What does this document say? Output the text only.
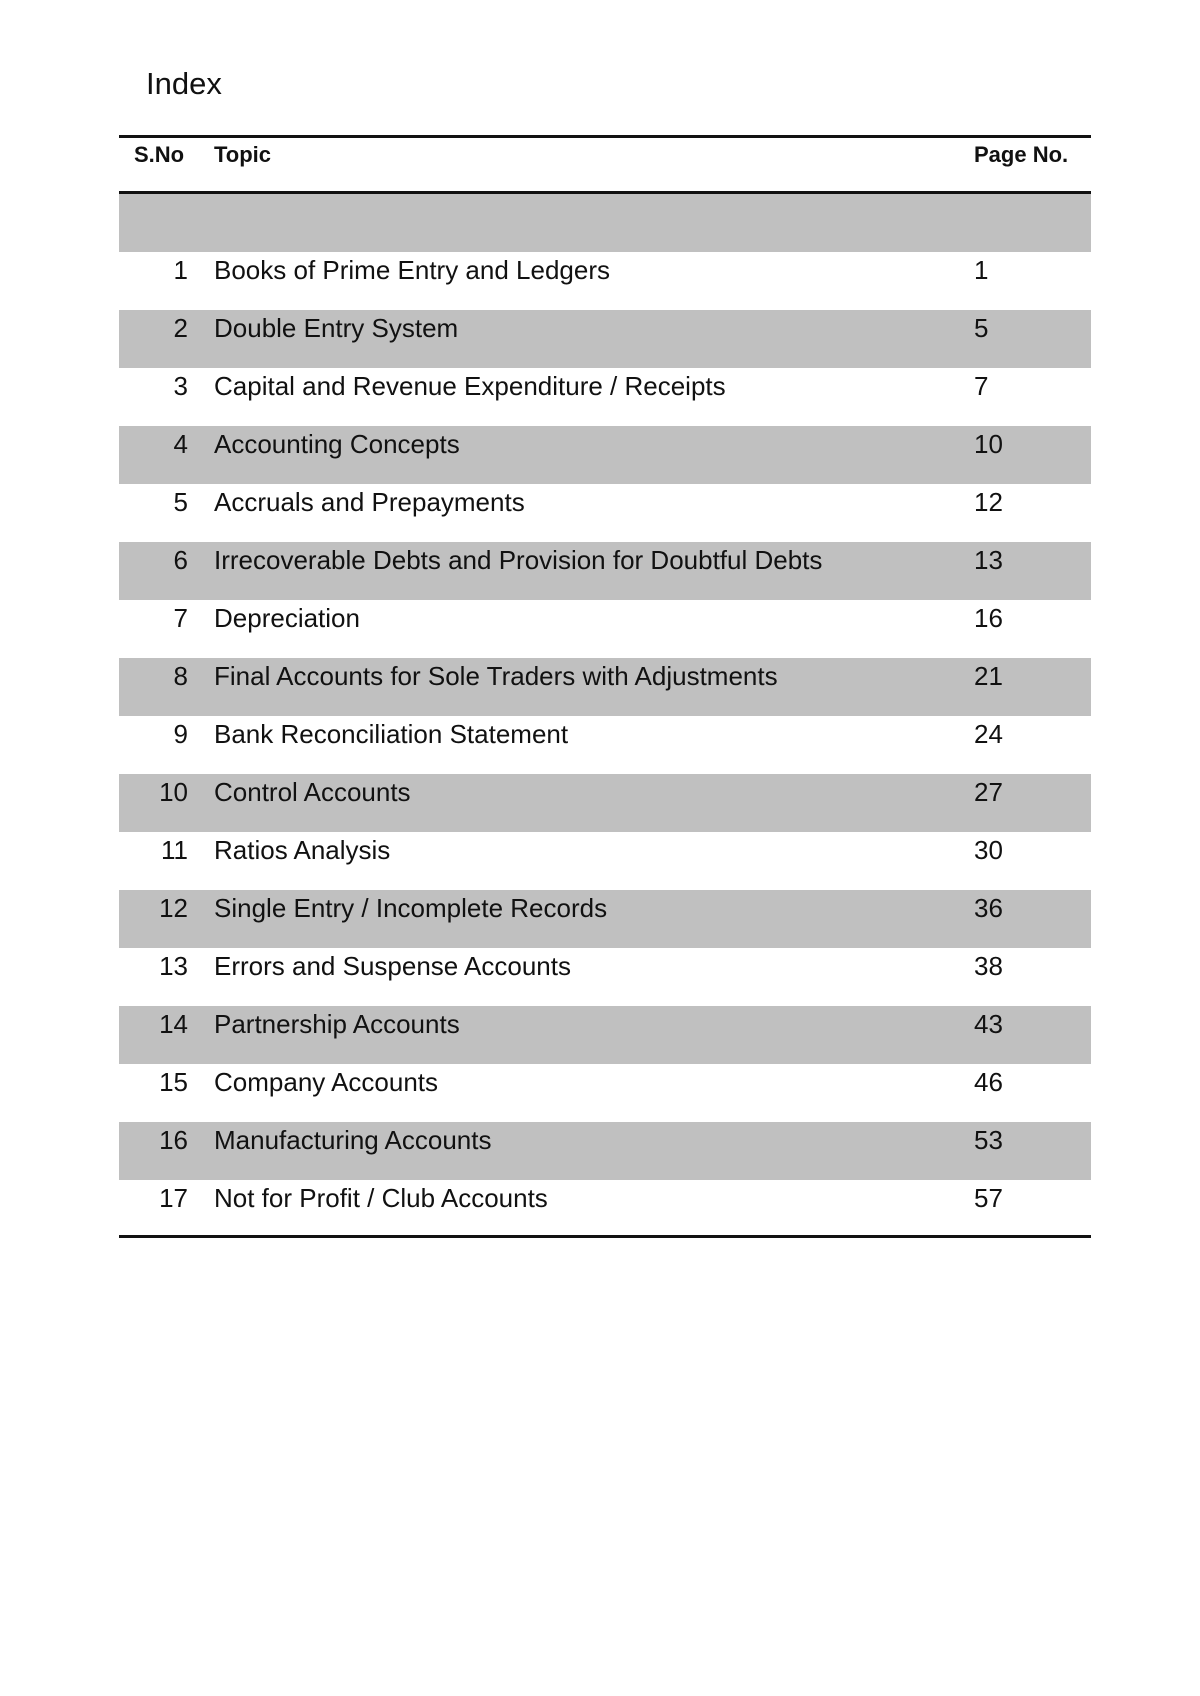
Index
S.No Topic	Page No.
1 Books of Prime Entry and Ledgers	1
2 Double Entry System	5
3 Capital and Revenue Expenditure / Receipts	7
4 Accounting Concepts	10
5 Accruals and Prepayments	12
6 Irrecoverable Debts and Provision for Doubtful Debts	13
7 Depreciation	16
8 Final Accounts for Sole Traders with Adjustments	21
9 Bank Reconciliation Statement	24
10 Control Accounts	27
11 Ratios Analysis	30
12 Single Entry / Incomplete Records	36
13 Errors and Suspense Accounts	38
14 Partnership Accounts	43
15 Company Accounts	46
16 Manufacturing Accounts	53
17 Not for Profit / Club Accounts	57
